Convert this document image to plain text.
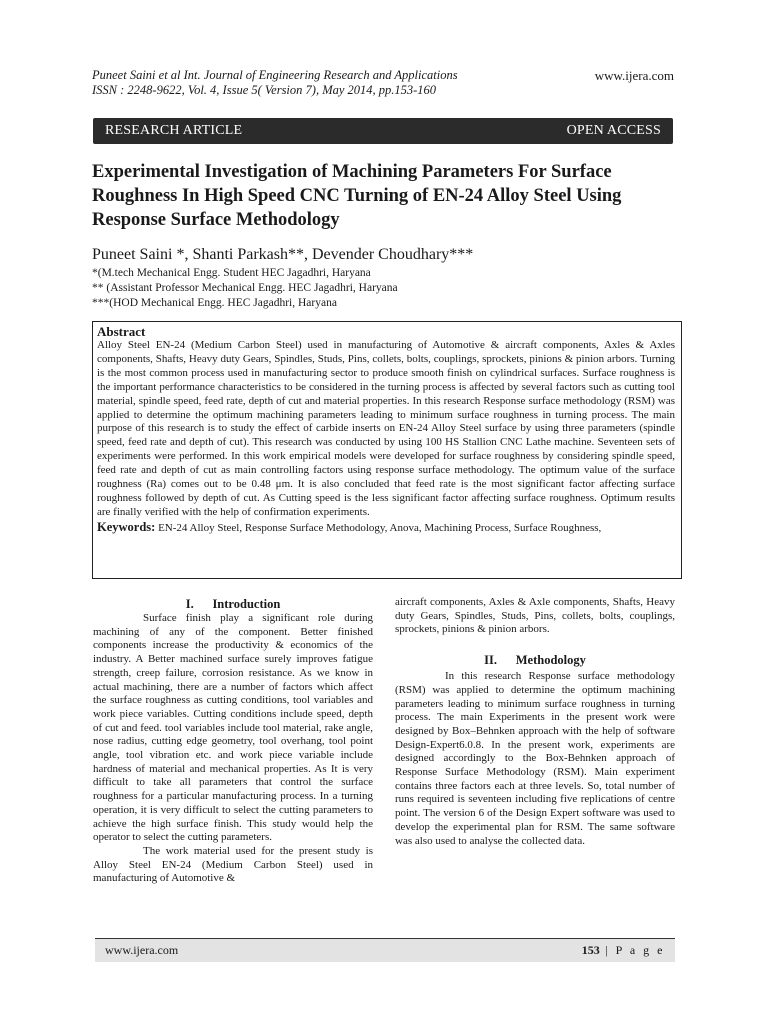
Puneet Saini et al Int. Journal of Engineering Research and Applications
ISSN : 2248-9622, Vol. 4, Issue 5( Version 7), May 2014, pp.153-160
www.ijera.com
RESEARCH ARTICLE	OPEN ACCESS
Experimental Investigation of Machining Parameters For Surface Roughness In High Speed CNC Turning of EN-24 Alloy Steel Using Response Surface Methodology
Puneet Saini *, Shanti Parkash**, Devender Choudhary***
*(M.tech Mechanical Engg. Student HEC Jagadhri, Haryana
** (Assistant Professor Mechanical Engg. HEC Jagadhri, Haryana
***(HOD Mechanical Engg. HEC Jagadhri, Haryana
Abstract
Alloy Steel EN-24 (Medium Carbon Steel) used in manufacturing of Automotive & aircraft components, Axles & Axles components, Shafts, Heavy duty Gears, Spindles, Studs, Pins, collets, bolts, couplings, sprockets, pinions & pinion arbors. Turning is the most common process used in manufacturing sector to produce smooth finish on cylindrical surfaces. Surface roughness is the important performance characteristics to be considered in the turning process is affected by several factors such as cutting tool material, spindle speed, feed rate, depth of cut and material properties. In this research Response surface methodology (RSM) was applied to determine the optimum machining parameters leading to minimum surface roughness in turning process. The main purpose of this research is to study the effect of carbide inserts on EN-24 Alloy Steel surface by using three parameters (spindle speed, feed rate and depth of cut). This research was conducted by using 100 HS Stallion CNC Lathe machine. Seventeen sets of experiments were performed. In this work empirical models were developed for surface roughness by considering spindle speed, feed rate and depth of cut as main controlling factors using response surface methodology. The optimum value of the surface roughness (Ra) comes out to be 0.48 μm. It is also concluded that feed rate is the most significant factor affecting surface roughness followed by depth of cut. As Cutting speed is the less significant factor affecting surface roughness. Optimum results are finally verified with the help of confirmation experiments.
Keywords: EN-24 Alloy Steel, Response Surface Methodology, Anova, Machining Process, Surface Roughness,
I.      Introduction

Surface finish play a significant role during machining of any of the component. Better finished components increase the productivity & economics of the industry. A Better machined surface surely improves fatigue strength, creep failure, corrosion resistance. As we know in actual machining, there are a number of factors which affect the surface roughness as cutting conditions, tool variables and work piece variables. Cutting conditions include speed, depth of cut and feed. tool variables include tool material, rake angle, nose radius, cutting edge geometry, tool overhang, tool point angle, tool vibration etc. and work piece variable include hardness of material and mechanical properties. As It is very difficult to take all parameters that control the surface roughness for a particular manufacturing process. In a turning operation, it is very difficult to select the cutting parameters to achieve the high surface finish. This study would help the operator to select the cutting parameters.

The work material used for the present study is Alloy Steel EN-24 (Medium Carbon Steel) used in manufacturing of Automotive &

aircraft components, Axles & Axle components, Shafts, Heavy duty Gears, Spindles, Studs, Pins, collets, bolts, couplings, sprockets, pinions & pinion arbors.

II.      Methodology

In this research Response surface methodology (RSM) was applied to determine the optimum machining parameters leading to minimum surface roughness in turning process. The main Experiments in the present work were designed by Box–Behnken approach with the help of software Design-Expert6.0.8. In the present work, experiments are designed accordingly to the Box-Behnken approach of Response Surface Methodology (RSM). Main experiment contains three factors each at three levels. So, total number of runs required is seventeen including five replications of centre point. The version 6 of the Design Expert software was used to develop the experimental plan for RSM. The same software was also used to analyse the collected data.

www.ijera.com	153 | P a g e
